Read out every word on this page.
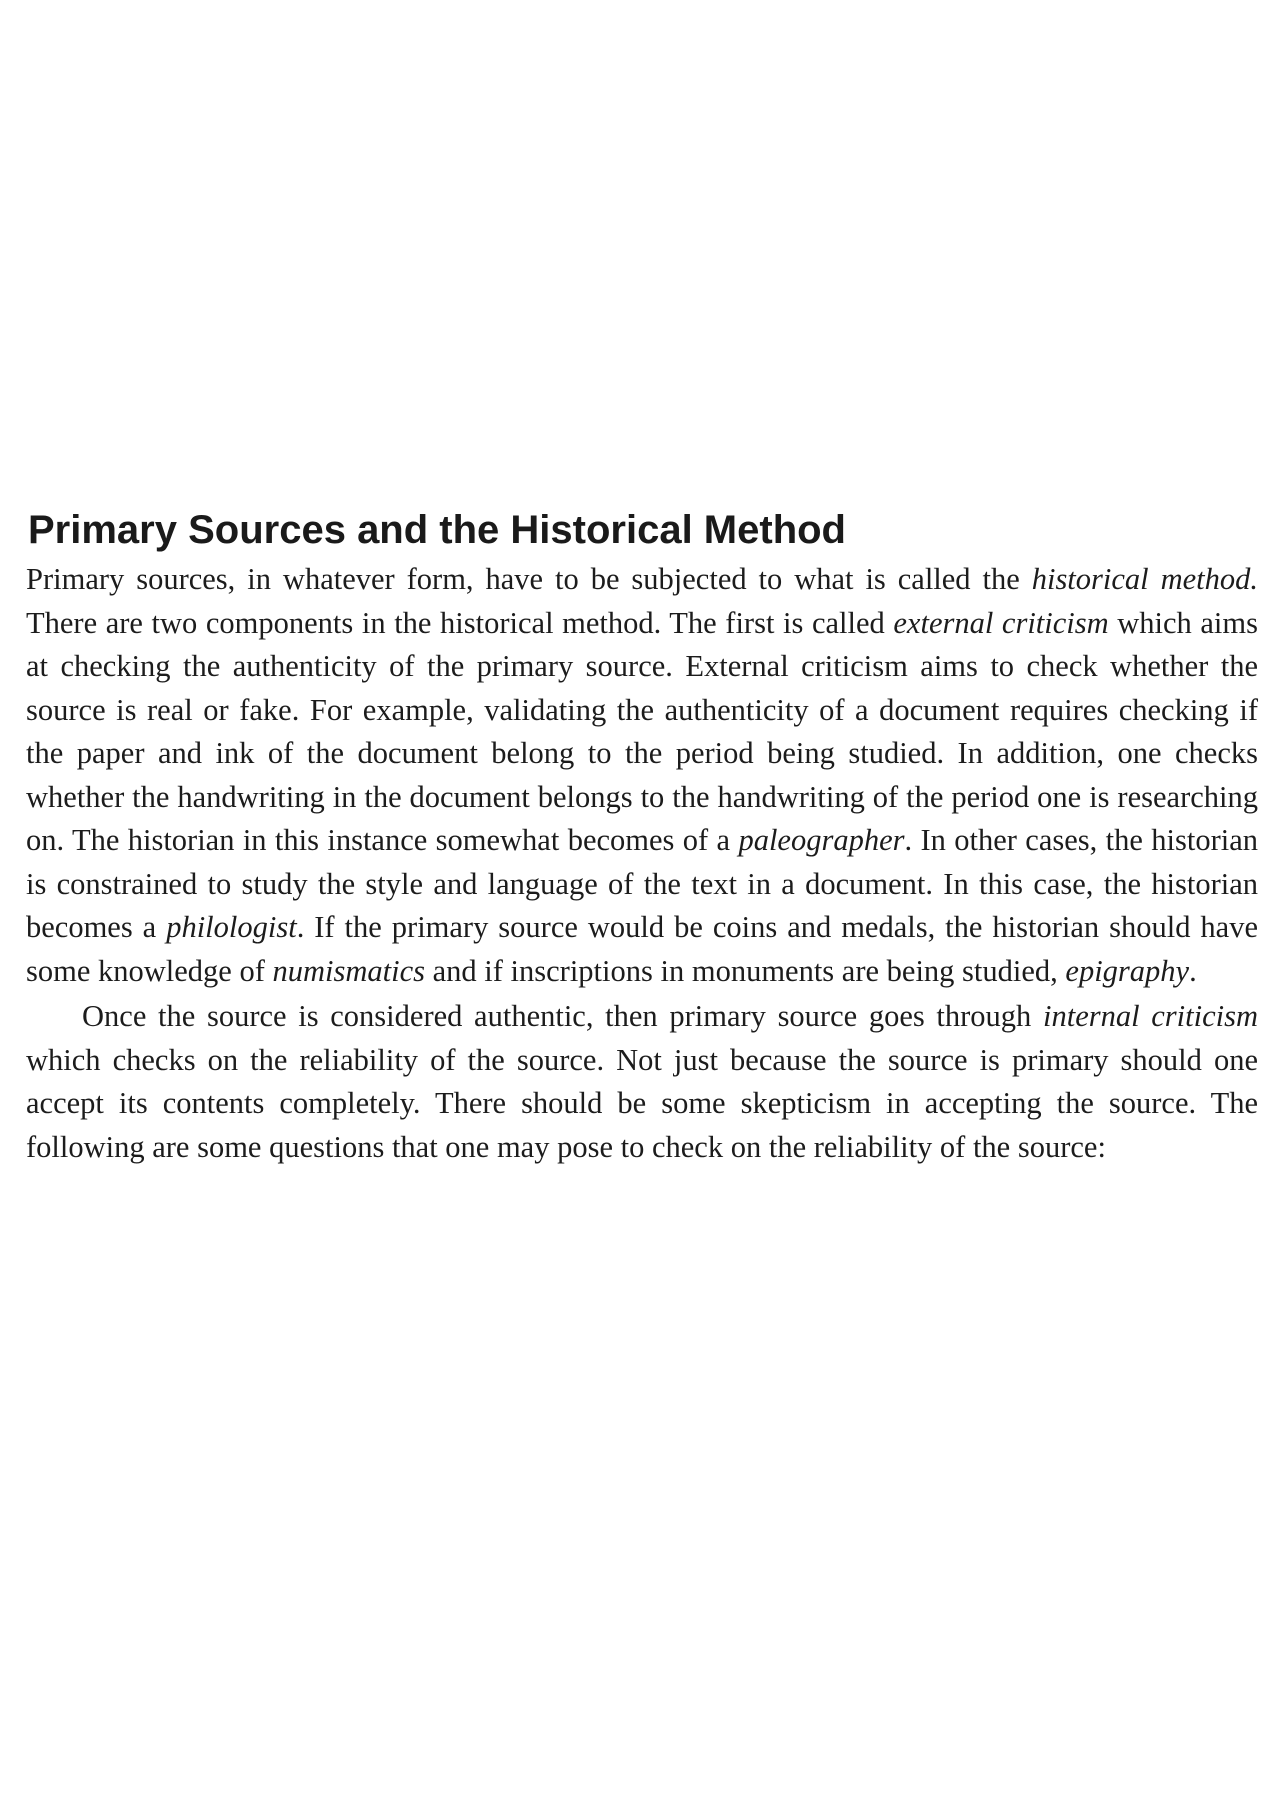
Primary Sources and the Historical Method

Primary sources, in whatever form, have to be subjected to what is called the historical method. There are two components in the historical method. The first is called external criticism which aims at checking the authenticity of the primary source. External criticism aims to check whether the source is real or fake. For example, validating the authenticity of a document requires checking if the paper and ink of the document belong to the period being studied. In addition, one checks whether the handwriting in the document belongs to the handwriting of the period one is researching on. The historian in this instance somewhat becomes of a paleographer. In other cases, the historian is constrained to study the style and language of the text in a document. In this case, the historian becomes a philologist. If the primary source would be coins and medals, the historian should have some knowledge of numismatics and if inscriptions in monuments are being studied, epigraphy.

Once the source is considered authentic, then primary source goes through internal criticism which checks on the reliability of the source. Not just because the source is primary should one accept its contents completely. There should be some skepticism in accepting the source. The following are some questions that one may pose to check on the reliability of the source:
